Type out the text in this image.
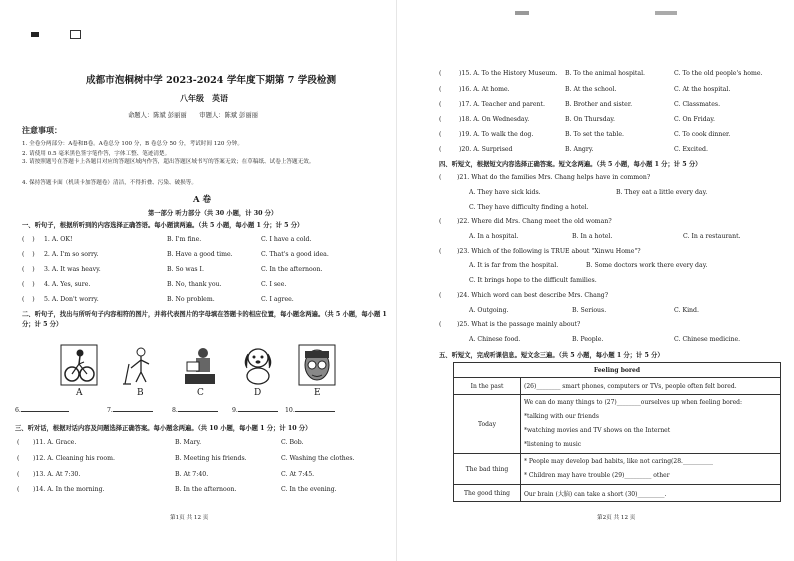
成都市泡桐树中学 2023-2024 学年度下期第 7 学段检测
八年级　英语
命题人：陈斌 彭丽丽　　审题人：陈斌 彭丽丽
注意事项：
1. 全卷分两部分：A卷和B卷。A卷总分 100 分，B 卷总分 50 分，考试时间 120 分钟。
2. 请使用 0.5 毫米黑色签字笔作答，字体工整、笔迹清楚。
3. 请按照题号在答题卡上各题目对应的答题区域内作答，超出答题区域书写的答案无效；在草稿纸、试卷上答题无效。
4. 保持答题卡面（机读卡加答题卷）清洁，不得折叠、污染、破损等。
A 卷
第一部分 听力部分（共 30 小题，计 30 分）
一、听句子，根据所听到的内容选择正确答语。每小题读两遍。（共 5 小题，每小题 1 分；计 5 分）
(    ) 1. A. OK!	B. I'm fine.	C. I have a cold.
(    ) 2. A. I'm so sorry.	B. Have a good time.	C. That's a good idea.
(    ) 3. A. It was heavy.	B. So was I.	C. In the afternoon.
(    ) 4. A. Yes, sure.	B. No, thank you.	C. I see.
(    ) 5. A. Don't worry.	B. No problem.	C. I agree.
二、听句子，找出与所听句子内容相符的图片，并将代表图片的字母填在答题卡的相应位置，每小题念两遍。（共 5 小题，每小题 1 分；计 5 分）
A	B	C	D	E
6.	7.	8.	9.	10.
三、听对话，根据对话内容及问题选择正确答案。每小题念两遍。（共 10 小题，每小题 1 分；计 10 分）
( )11. A. Grace.	B. Mary.	C. Bob.
( )12. A. Cleaning his room.	B. Meeting his friends.	C. Washing the clothes.
( )13. A. At 7:30.	B. At 7:40.	C. At 7:45.
( )14. A. In the morning.	B. In the afternoon.	C. In the evening.
第1页 共 12 页
(	)15. A. To the History Museum. B. To the animal hospital.	C. To the old people's home.
(	)16. A. At home.	B. At the school.	C. At the hospital.
(	)17. A. Teacher and parent.	B. Brother and sister.	C. Classmates.
(	)18. A. On Wednesday.	B. On Thursday.	C. On Friday.
(	)19. A. To walk the dog.	B. To set the table.	C. To cook dinner.
(	)20. A. Surprised	B. Angry.	C. Excited.
四、听短文，根据短文内容选择正确答案。短文念两遍。（共 5 小题，每小题 1 分；计 5 分）
(	)21. What do the families Mrs. Chang helps have in common?
A. They have sick kids.	B. They eat a little every day.
C. They have difficulty finding a hotel.
(	)22. Where did Mrs. Chang meet the old woman?
A. In a hospital.	B. In a hotel.	C. In a restaurant.
(	)23. Which of the following is TRUE about "Xinwu Home"?
A. It is far from the hospital.	B. Some doctors work there every day.
C. It brings hope to the difficult families.
(	)24. Which word can best describe Mrs. Chang?
A. Outgoing.	B. Serious.	C. Kind.
(	)25. What is the passage mainly about?
A. Chinese food.	B. People.	C. Chinese medicine.
五、听短文，完成听课信息。短文念三遍。（共 5 小题，每小题 1 分；计 5 分）
Feeling bored	
In the past	(26)________ smart phones, computers or TVs, people often felt bored.
Today	We can do many things to (27)________ourselves up when feeling bored:
*talking with our friends
*watching movies and TV shows on the Internet
*listening to music

The bad thing	* People may develop bad habits, like not caring(28.__________
* Children may have trouble (29)_________ other

The good thing	Our brain (大脑) can take a short (30)_________.
第2页 共 12 页
